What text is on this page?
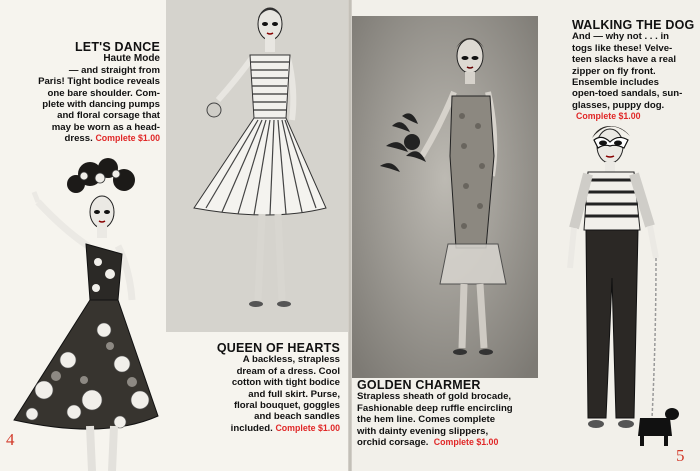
LET'S DANCE
Haute Mode
— and straight from
Paris! Tight bodice reveals
one bare shoulder. Com-
plete with dancing pumps
and floral corsage that
may be worn as a head-
dress. Complete $1.00
QUEEN OF HEARTS
A backless, strapless
dream of a dress. Cool
cotton with tight bodice
and full skirt. Purse,
floral bouquet, goggles
and beach sandles
included. Complete $1.00
GOLDEN CHARMER
Strapless sheath of gold brocade,
Fashionable deep ruffle encircling
the hem line. Comes complete
with dainty evening slippers,
orchid corsage. Complete $1.00
WALKING THE DOG
And — why not . . . in
togs like these! Velve-
teen slacks have a real
zipper on fly front.
Ensemble includes
open-toed sandals, sun-
glasses, puppy dog.
Complete $1.00
4
5
